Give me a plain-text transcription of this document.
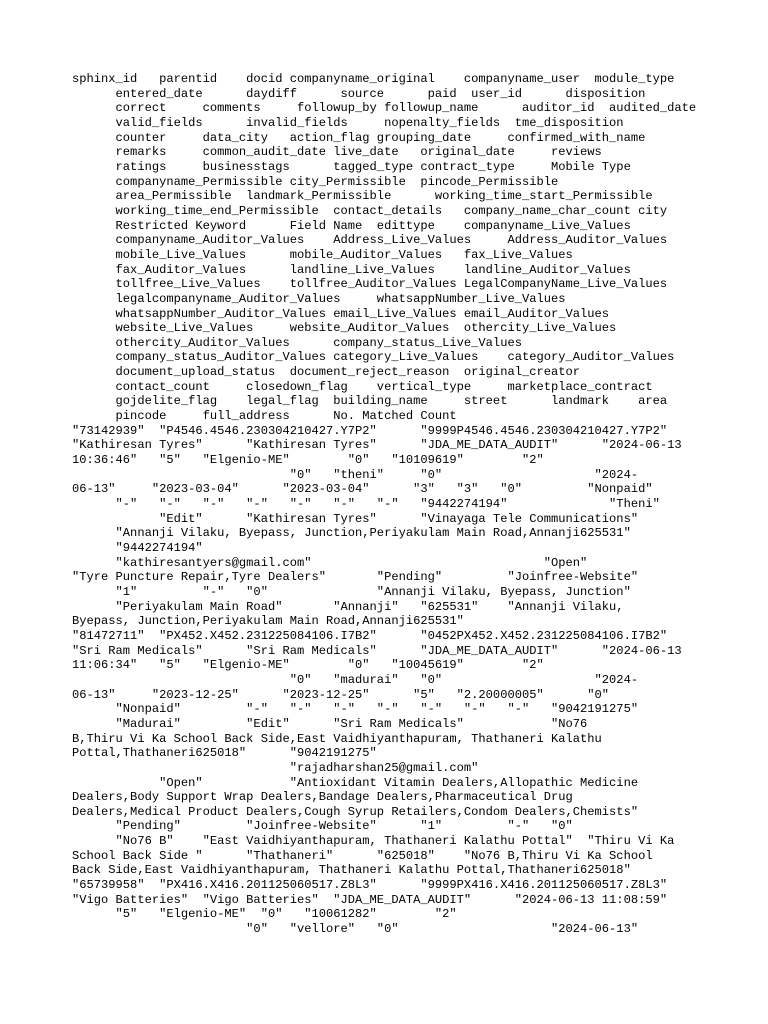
sphinx_id   parentid    docid companyname_original    companyname_user  module_type
entered_date      daydiff      source      paid  user_id      disposition
correct     comments     followup_by followup_name      auditor_id  audited_date
valid_fields      invalid_fields     nopenalty_fields  tme_disposition
counter     data_city   action_flag grouping_date     confirmed_with_name
remarks     common_audit_date live_date   original_date     reviews
ratings     businesstags      tagged_type contract_type     Mobile Type
companyname_Permissible city_Permissible  pincode_Permissible
area_Permissible  landmark_Permissible      working_time_start_Permissible
working_time_end_Permissible  contact_details   company_name_char_count city
Restricted Keyword      Field Name  edittype    companyname_Live_Values
companyname_Auditor_Values    Address_Live_Values     Address_Auditor_Values
mobile_Live_Values      mobile_Auditor_Values   fax_Live_Values
fax_Auditor_Values      landline_Live_Values    landline_Auditor_Values
tollfree_Live_Values    tollfree_Auditor_Values LegalCompanyName_Live_Values
legalcompanyname_Auditor_Values     whatsappNumber_Live_Values
whatsappNumber_Auditor_Values email_Live_Values email_Auditor_Values
website_Live_Values     website_Auditor_Values  othercity_Live_Values
othercity_Auditor_Values      company_status_Live_Values
company_status_Auditor_Values category_Live_Values    category_Auditor_Values
document_upload_status  document_reject_reason  original_creator
contact_count     closedown_flag    vertical_type     marketplace_contract
gojdelite_flag    legal_flag  building_name     street      landmark    area
pincode     full_address      No. Matched Count
"73142939"  "P4546.4546.230304210427.Y7P2"      "9999P4546.4546.230304210427.Y7P2"
"Kathiresan Tyres"      "Kathiresan Tyres"      "JDA_ME_DATA_AUDIT"      "2024-06-13
10:36:46"   "5"   "Elgenio-ME"        "0"   "10109619"        "2"
"0"   "theni"     "0"                     "2024-
06-13"     "2023-03-04"      "2023-03-04"      "3"   "3"   "0"         "Nonpaid"
"-"   "-"   "-"   "-"   "-"   "-"   "-"   "9442274194"              "Theni"
"Edit"      "Kathiresan Tyres"      "Vinayaga Tele Communications"
"Annanji Vilaku, Byepass, Junction,Periyakulam Main Road,Annanji625531"
"9442274194"
"kathiresantyers@gmail.com"                                "Open"
"Tyre Puncture Repair,Tyre Dealers"       "Pending"         "Joinfree-Website"
"1"         "-"   "0"               "Annanji Vilaku, Byepass, Junction"
"Periyakulam Main Road"       "Annanji"   "625531"    "Annanji Vilaku,
Byepass, Junction,Periyakulam Main Road,Annanji625531"
"81472711"  "PX452.X452.231225084106.I7B2"      "0452PX452.X452.231225084106.I7B2"
"Sri Ram Medicals"      "Sri Ram Medicals"      "JDA_ME_DATA_AUDIT"      "2024-06-13
11:06:34"   "5"   "Elgenio-ME"        "0"   "10045619"        "2"
"0"   "madurai"   "0"                     "2024-
06-13"     "2023-12-25"      "2023-12-25"      "5"   "2.20000005"      "0"
"Nonpaid"         "-"   "-"   "-"   "-"   "-"   "-"   "-"   "9042191275"
"Madurai"         "Edit"      "Sri Ram Medicals"            "No76
B,Thiru Vi Ka School Back Side,East Vaidhiyanthapuram, Thathaneri Kalathu
Pottal,Thathaneri625018"      "9042191275"
"rajadharshan25@gmail.com"
"Open"            "Antioxidant Vitamin Dealers,Allopathic Medicine
Dealers,Body Support Wrap Dealers,Bandage Dealers,Pharmaceutical Drug
Dealers,Medical Product Dealers,Cough Syrup Retailers,Condom Dealers,Chemists"
"Pending"         "Joinfree-Website"      "1"         "-"   "0"
"No76 B"    "East Vaidhiyanthapuram, Thathaneri Kalathu Pottal"  "Thiru Vi Ka
School Back Side "      "Thathaneri"      "625018"    "No76 B,Thiru Vi Ka School
Back Side,East Vaidhiyanthapuram, Thathaneri Kalathu Pottal,Thathaneri625018"
"65739958"  "PX416.X416.201125060517.Z8L3"      "9999PX416.X416.201125060517.Z8L3"
"Vigo Batteries"  "Vigo Batteries"  "JDA_ME_DATA_AUDIT"      "2024-06-13 11:08:59"
"5"   "Elgenio-ME"  "0"   "10061282"        "2"
"0"   "vellore"   "0"                     "2024-06-13"
